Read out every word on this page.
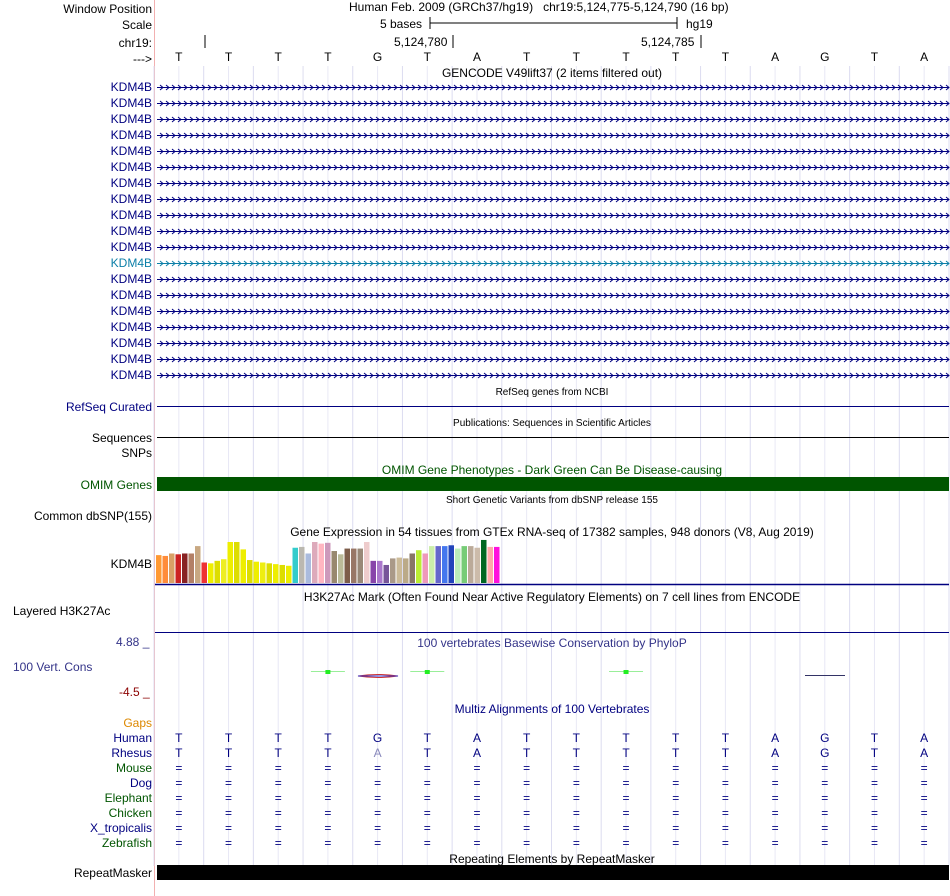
Window Position	Human Feb. 2009 (GRCh37/hg19)   chr19:5,124,775-5,124,790 (16 bp)
Scale	5 bases	hg19
chr19:	5,124,780	5,124,785
---> T	T	T	T	G	T	A	T	T	T	T	T	A	G	T	A
GENCODE V49lift37 (2 items filtered out)
KDM4B
KDM4B
KDM4B
KDM4B
KDM4B
KDM4B
KDM4B
KDM4B
KDM4B
KDM4B
KDM4B
KDM4B
KDM4B
KDM4B
KDM4B
KDM4B
KDM4B
KDM4B
KDM4B
RefSeq genes from NCBI
RefSeq Curated
Publications: Sequences in Scientific Articles
Sequences
SNPs
OMIM Gene Phenotypes - Dark Green Can Be Disease-causing
OMIM Genes
Short Genetic Variants from dbSNP release 155
Common dbSNP(155)
Gene Expression in 54 tissues from GTEx RNA-seq of 17382 samples, 948 donors (V8, Aug 2019)
KDM4B
H3K27Ac Mark (Often Found Near Active Regulatory Elements) on 7 cell lines from ENCODE
Layered H3K27Ac
4.88 _	100 vertebrates Basewise Conservation by PhyloP
100 Vert. Cons
-4.5 _
Multiz Alignments of 100 Vertebrates
Gaps
Human T	T	T	T	G	T	A	T	T	T	T	T	A	G	T	A
Rhesus T	T	T	T	A	T	A	T	T	T	T	T	A	G	T	A
Mouse =	=	=	=	=	=	=	=	=	=	=	=	=	=	=	=
Dog =	=	=	=	=	=	=	=	=	=	=	=	=	=	=	=
Elephant =	=	=	=	=	=	=	=	=	=	=	=	=	=	=	=
Chicken =	=	=	=	=	=	=	=	=	=	=	=	=	=	=	=
X_tropicalis =	=	=	=	=	=	=	=	=	=	=	=	=	=	=	=
Zebrafish =	=	=	=	=	=	=	=	=	=	=	=	=	=	=	=
Repeating Elements by RepeatMasker
RepeatMasker
